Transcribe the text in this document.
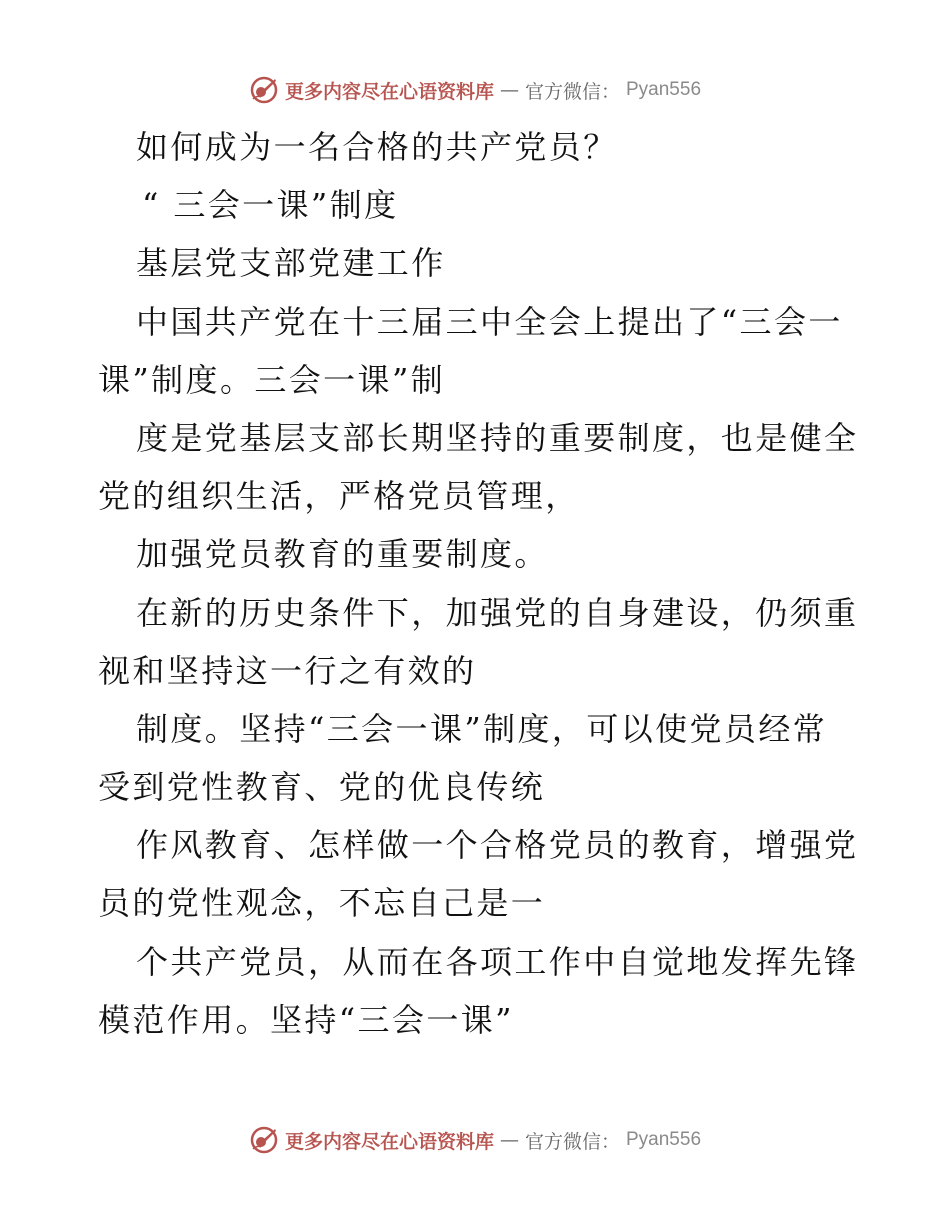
更多内容尽在心语资料库 — 官方微信： Pyan556
如何成为一名合格的共产党员？
“ 三会一课”制度
基层党支部党建工作
中国共产党在十三届三中全会上提出了“三会一
课”制度。三会一课”制
度是党基层支部长期坚持的重要制度，也是健全
党的组织生活，严格党员管理，
加强党员教育的重要制度。
在新的历史条件下，加强党的自身建设，仍须重
视和坚持这一行之有效的
制度。坚持“三会一课”制度，可以使党员经常
受到党性教育、党的优良传统
作风教育、怎样做一个合格党员的教育，增强党
员的党性观念，不忘自己是一
个共产党员，从而在各项工作中自觉地发挥先锋
模范作用。坚持“三会一课”
更多内容尽在心语资料库 — 官方微信： Pyan556
